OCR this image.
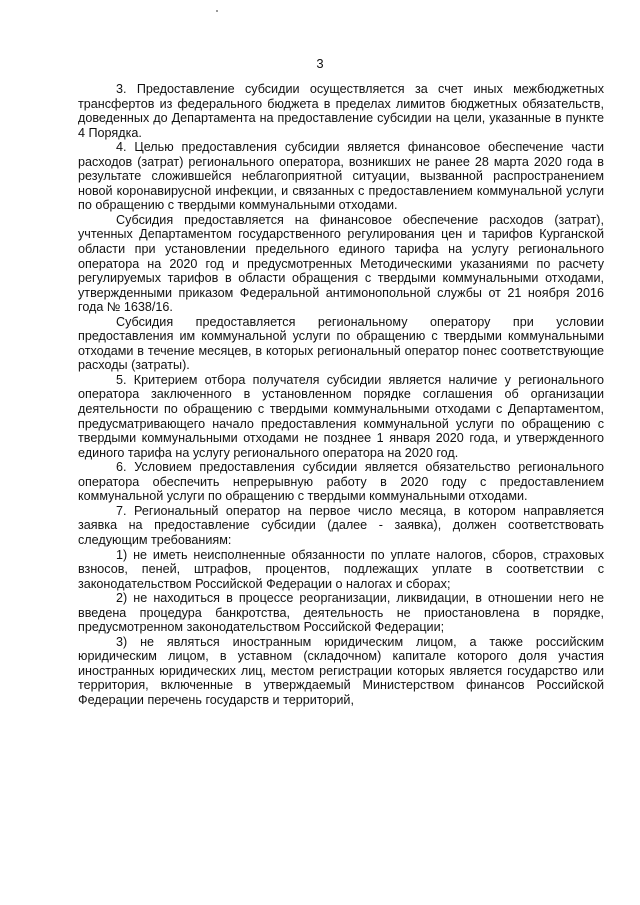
3

3. Предоставление субсидии осуществляется за счет иных межбюджетных трансфертов из федерального бюджета в пределах лимитов бюджетных обязательств, доведенных до Департамента на предоставление субсидии на цели, указанные в пункте 4 Порядка.

4. Целью предоставления субсидии является финансовое обеспечение части расходов (затрат) регионального оператора, возникших не ранее 28 марта 2020 года в результате сложившейся неблагоприятной ситуации, вызванной распространением новой коронавирусной инфекции, и связанных с предоставлением коммунальной услуги по обращению с твердыми коммунальными отходами.

Субсидия предоставляется на финансовое обеспечение расходов (затрат), учтенных Департаментом государственного регулирования цен и тарифов Курганской области при установлении предельного единого тарифа на услугу регионального оператора на 2020 год и предусмотренных Методическими указаниями по расчету регулируемых тарифов в области обращения с твердыми коммунальными отходами, утвержденными приказом Федеральной антимонопольной службы от 21 ноября 2016 года № 1638/16.

Субсидия предоставляется региональному оператору при условии предоставления им коммунальной услуги по обращению с твердыми коммунальными отходами в течение месяцев, в которых региональный оператор понес соответствующие расходы (затраты).

5. Критерием отбора получателя субсидии является наличие у регионального оператора заключенного в установленном порядке соглашения об организации деятельности по обращению с твердыми коммунальными отходами с Департаментом, предусматривающего начало предоставления коммунальной услуги по обращению с твердыми коммунальными отходами не позднее 1 января 2020 года, и утвержденного единого тарифа на услугу регионального оператора на 2020 год.

6. Условием предоставления субсидии является обязательство регионального оператора обеспечить непрерывную работу в 2020 году с предоставлением коммунальной услуги по обращению с твердыми коммунальными отходами.

7. Региональный оператор на первое число месяца, в котором направляется заявка на предоставление субсидии (далее - заявка), должен соответствовать следующим требованиям:

1) не иметь неисполненные обязанности по уплате налогов, сборов, страховых взносов, пеней, штрафов, процентов, подлежащих уплате в соответствии с законодательством Российской Федерации о налогах и сборах;

2) не находиться в процессе реорганизации, ликвидации, в отношении него не введена процедура банкротства, деятельность не приостановлена в порядке, предусмотренном законодательством Российской Федерации;

3) не являться иностранным юридическим лицом, а также российским юридическим лицом, в уставном (складочном) капитале которого доля участия иностранных юридических лиц, местом регистрации которых является государство или территория, включенные в утверждаемый Министерством финансов Российской Федерации перечень государств и территорий,
